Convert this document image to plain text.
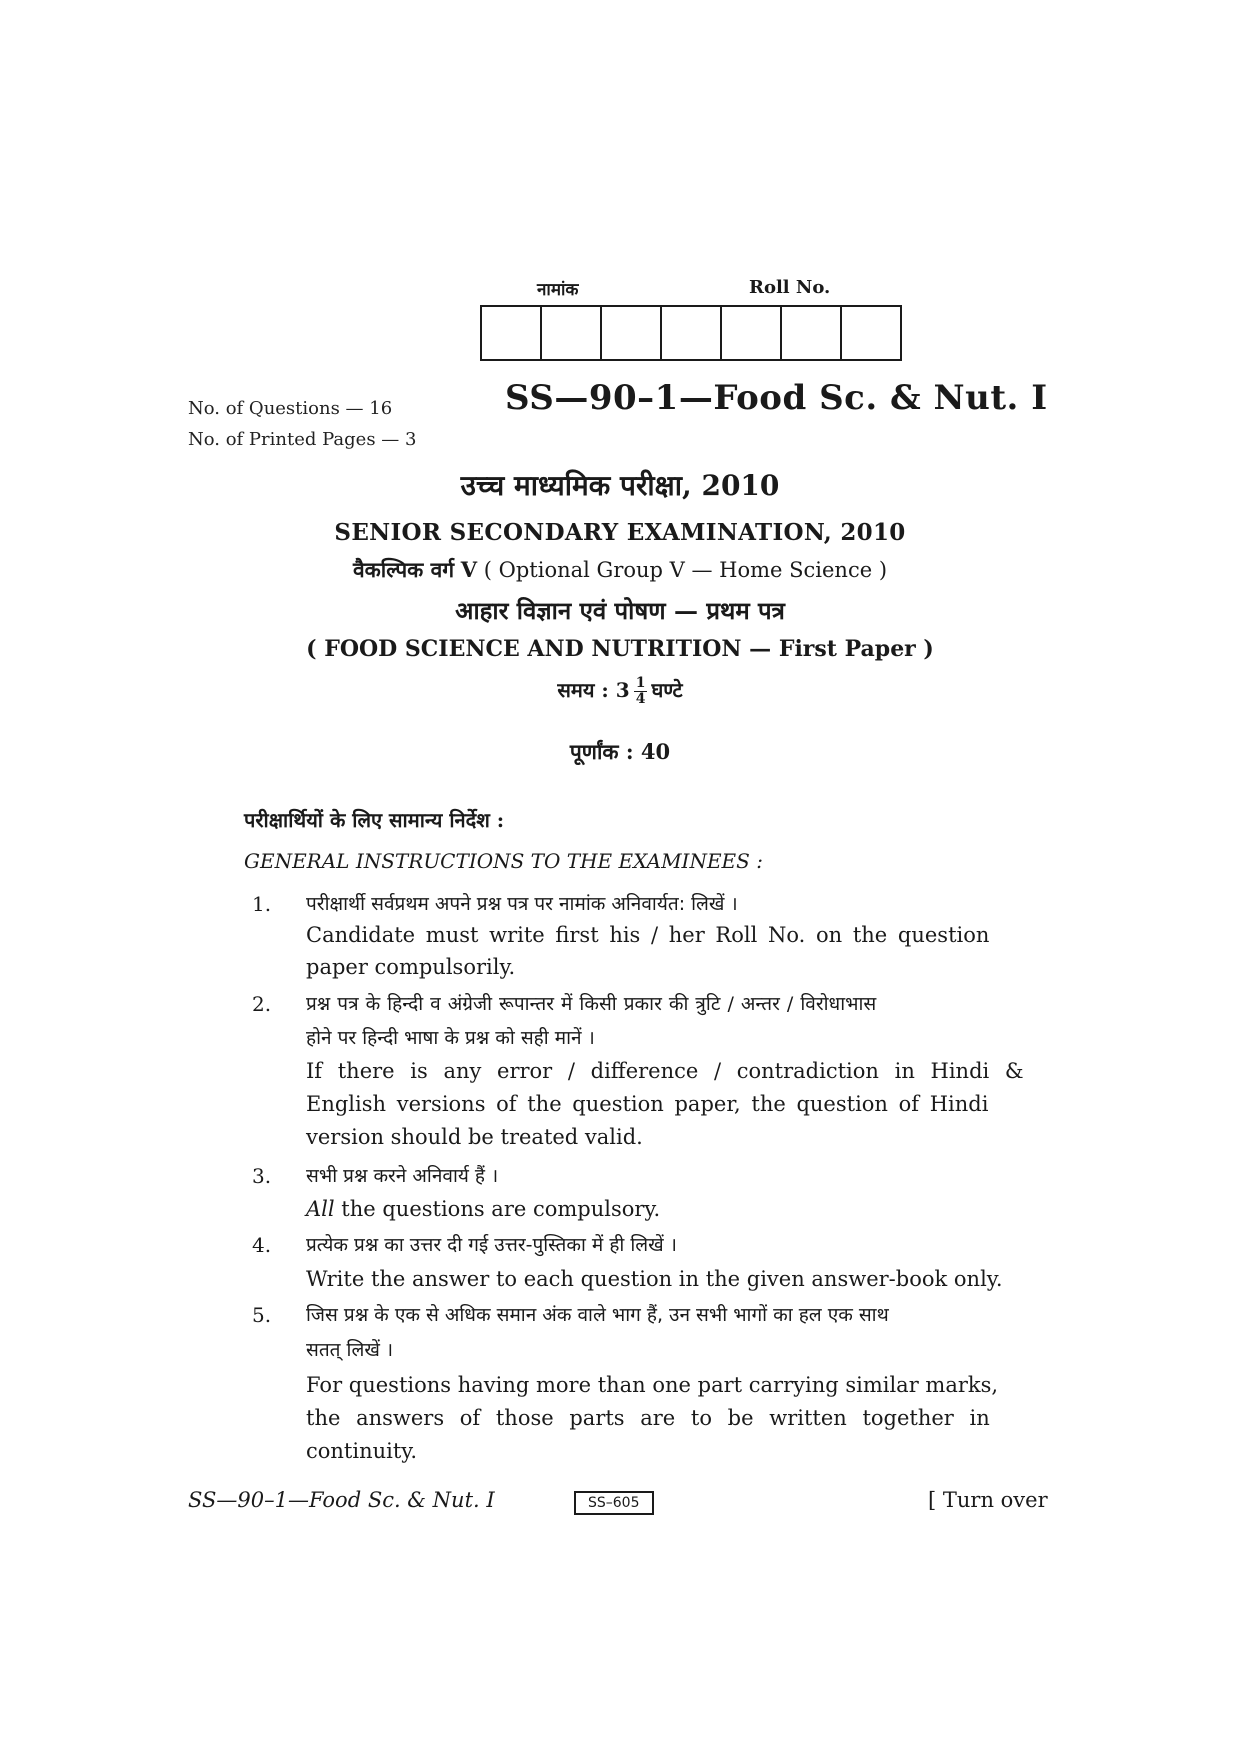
नामांक	Roll No.
No. of Questions — 16
No. of Printed Pages — 3
SS—90–1—Food Sc. & Nut. I
उच्च माध्यमिक परीक्षा, 2010
SENIOR SECONDARY EXAMINATION, 2010
वैकल्पिक वर्ग V ( Optional Group V — Home Science )
आहार विज्ञान एवं पोषण — प्रथम पत्र
( FOOD SCIENCE AND NUTRITION — First Paper )
समय : $3 \frac{1}{4}$ घण्टे
पूर्णांक : 40
परीक्षार्थियों के लिए सामान्य निर्देश :
GENERAL INSTRUCTIONS TO THE EXAMINEES :
1.	परीक्षार्थी सर्वप्रथम अपने प्रश्न पत्र पर नामांक अनिवार्यत: लिखें ।
Candidate must write first his / her Roll No. on the question
paper compulsorily.
2.	प्रश्न पत्र के हिन्दी व अंग्रेजी रूपान्तर में किसी प्रकार की त्रुटि / अन्तर / विरोधाभास
होने पर हिन्दी भाषा के प्रश्न को सही मानें ।
If there is any error / difference / contradiction in Hindi &
English versions of the question paper, the question of Hindi
version should be treated valid.
3.	सभी प्रश्न करने अनिवार्य हैं ।
All the questions are compulsory.
4.	प्रत्येक प्रश्न का उत्तर दी गई उत्तर-पुस्तिका में ही लिखें ।
Write the answer to each question in the given answer-book only.
5.	जिस प्रश्न के एक से अधिक समान अंक वाले भाग हैं, उन सभी भागों का हल एक साथ
सतत् लिखें ।
For questions having more than one part carrying similar marks,
the answers of those parts are to be written together in
continuity.
SS—90–1—Food Sc. & Nut. I	SS–605	[ Turn over
